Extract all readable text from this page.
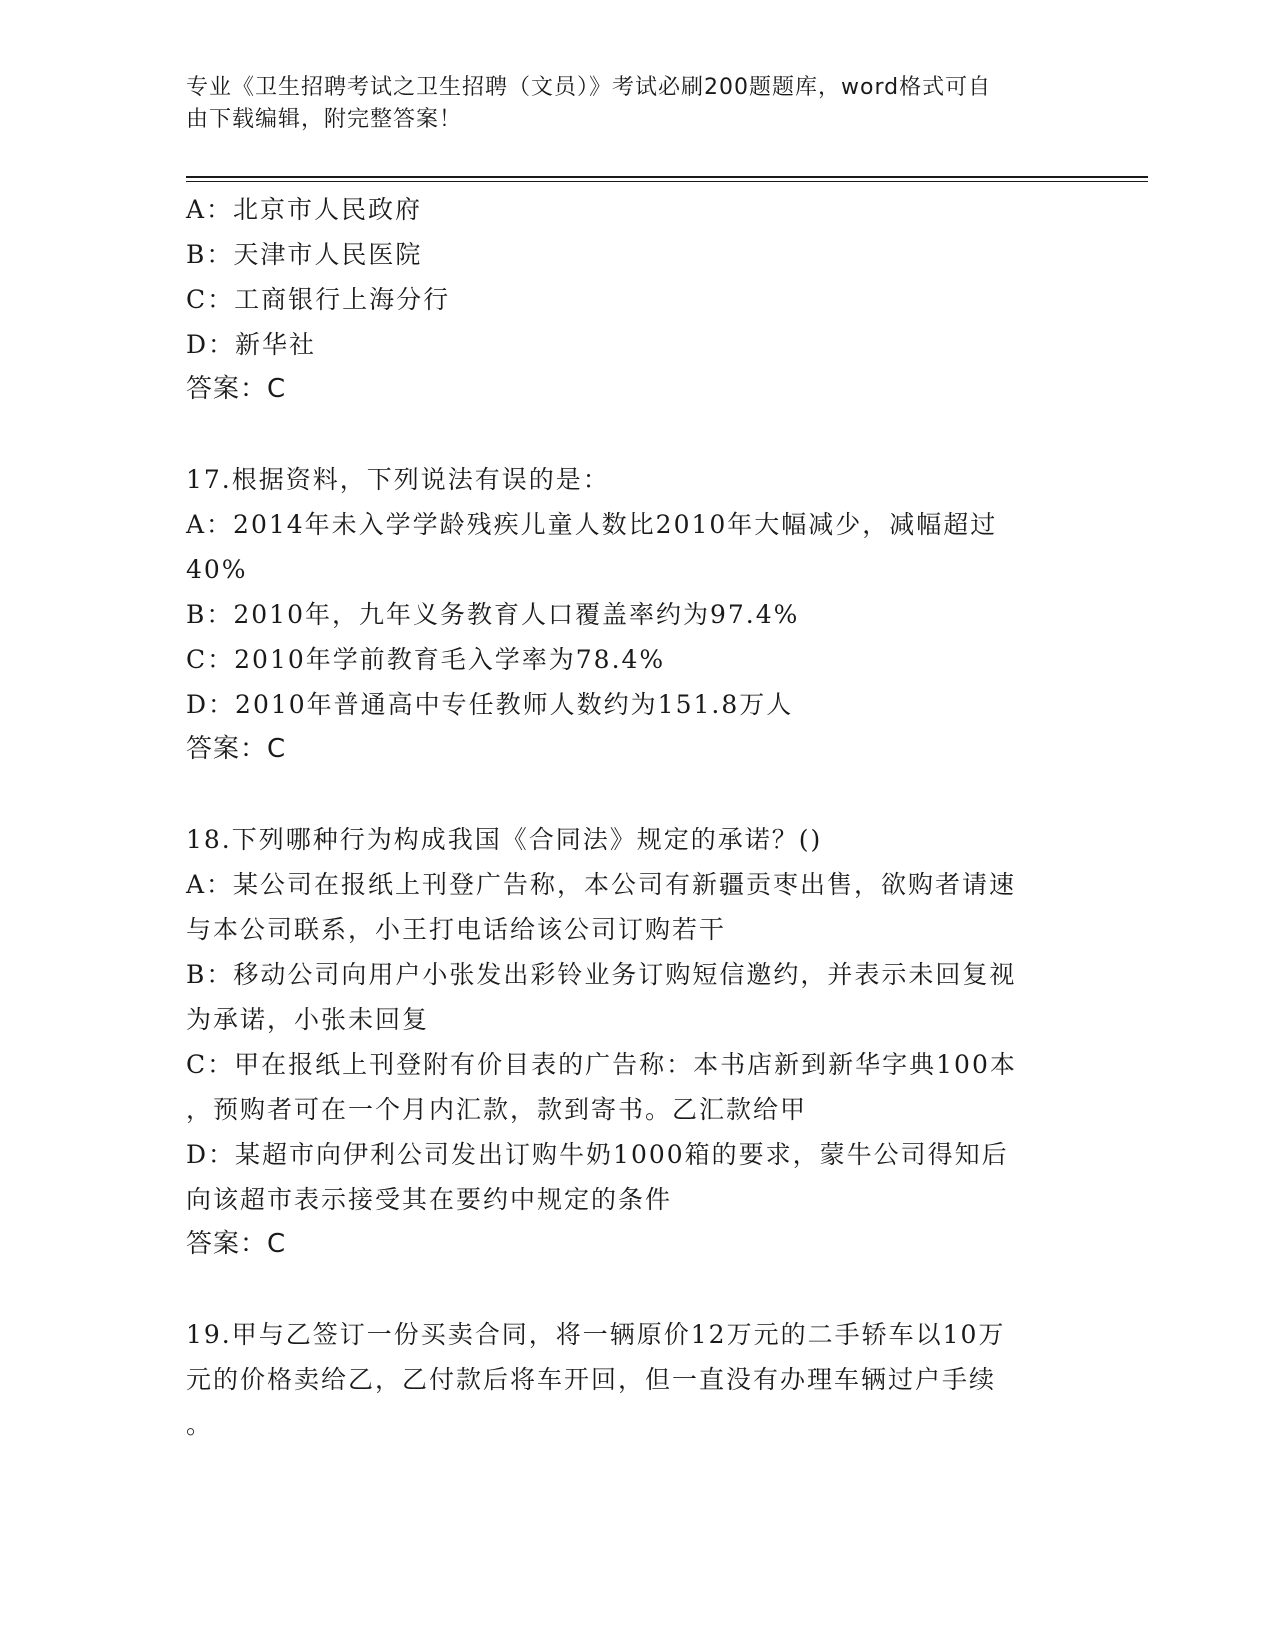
专业《卫生招聘考试之卫生招聘（文员）》考试必刷200题题库，word格式可自
由下载编辑，附完整答案！
A：北京市人民政府
B：天津市人民医院
C：工商银行上海分行
D：新华社
答案：C
17.根据资料，下列说法有误的是：
A：2014年未入学学龄残疾儿童人数比2010年大幅减少，减幅超过
40%
B：2010年，九年义务教育人口覆盖率约为97.4%
C：2010年学前教育毛入学率为78.4%
D：2010年普通高中专任教师人数约为151.8万人
答案：C
18.下列哪种行为构成我国《合同法》规定的承诺？()
A：某公司在报纸上刊登广告称，本公司有新疆贡枣出售，欲购者请速
与本公司联系，小王打电话给该公司订购若干
B：移动公司向用户小张发出彩铃业务订购短信邀约，并表示未回复视
为承诺，小张未回复
C：甲在报纸上刊登附有价目表的广告称：本书店新到新华字典100本
，预购者可在一个月内汇款，款到寄书。乙汇款给甲
D：某超市向伊利公司发出订购牛奶1000箱的要求，蒙牛公司得知后
向该超市表示接受其在要约中规定的条件
答案：C
19.甲与乙签订一份买卖合同，将一辆原价12万元的二手轿车以10万
元的价格卖给乙，乙付款后将车开回，但一直没有办理车辆过户手续
。
